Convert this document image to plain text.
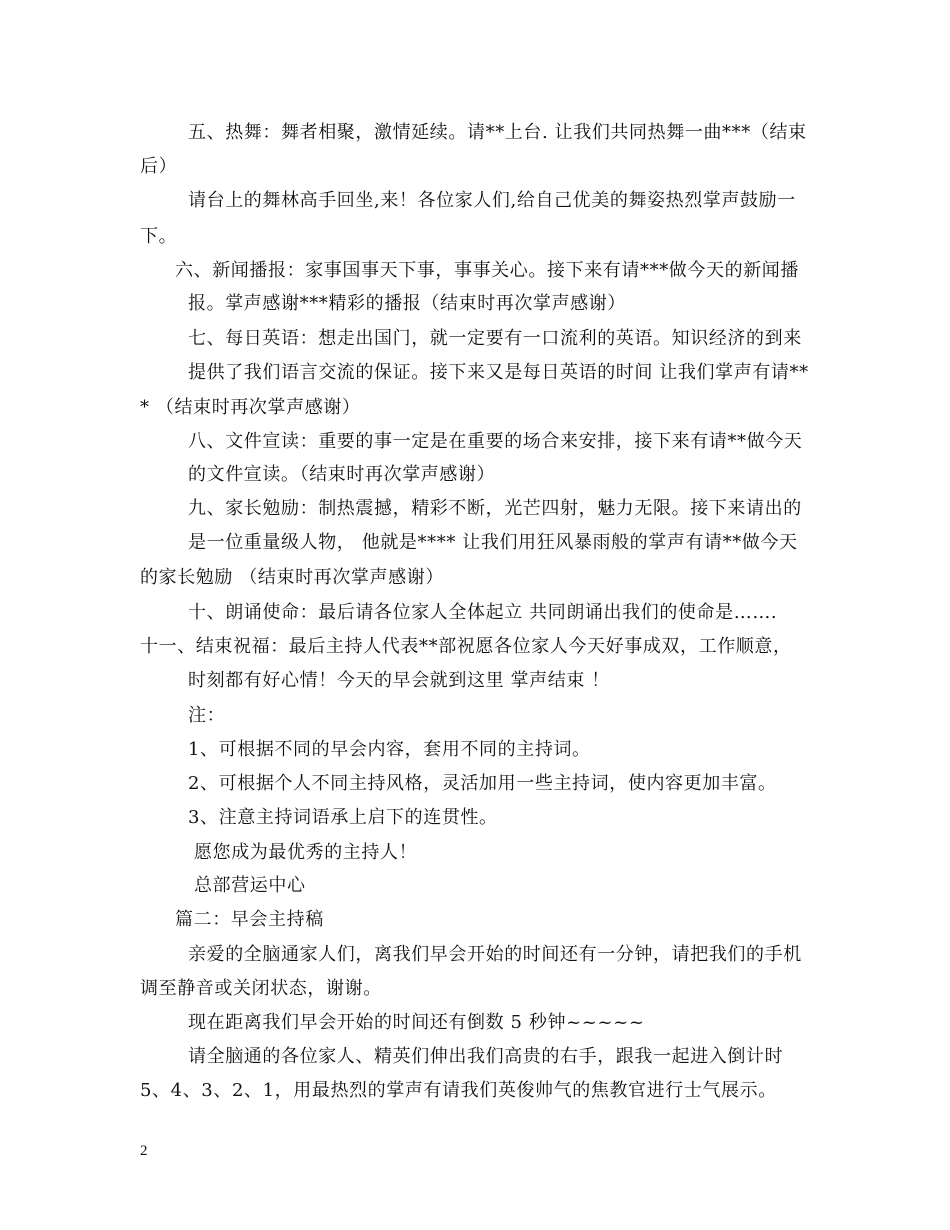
五、热舞：舞者相聚，激情延续。请**上台. 让我们共同热舞一曲***（结束
后）
请台上的舞林高手回坐,来！各位家人们,给自己优美的舞姿热烈掌声鼓励一
下。
六、新闻播报：家事国事天下事，事事关心。接下来有请***做今天的新闻播
报。掌声感谢***精彩的播报（结束时再次掌声感谢）
七、每日英语：想走出国门，就一定要有一口流利的英语。知识经济的到来
提供了我们语言交流的保证。接下来又是每日英语的时间 让我们掌声有请**
* （结束时再次掌声感谢）
八、文件宣读：重要的事一定是在重要的场合来安排，接下来有请**做今天
的文件宣读。（结束时再次掌声感谢）
九、家长勉励：制热震撼，精彩不断，光芒四射，魅力无限。接下来请出的
是一位重量级人物， 他就是**** 让我们用狂风暴雨般的掌声有请**做今天
的家长勉励 （结束时再次掌声感谢）
十、朗诵使命：最后请各位家人全体起立 共同朗诵出我们的使命是…….
十一、结束祝福：最后主持人代表**部祝愿各位家人今天好事成双，工作顺意，
时刻都有好心情！今天的早会就到这里 掌声结束 ！
注：
1、可根据不同的早会内容，套用不同的主持词。
2、可根据个人不同主持风格，灵活加用一些主持词，使内容更加丰富。
3、注意主持词语承上启下的连贯性。
愿您成为最优秀的主持人！
总部营运中心
篇二：早会主持稿
亲爱的全脑通家人们，离我们早会开始的时间还有一分钟，请把我们的手机
调至静音或关闭状态，谢谢。
现在距离我们早会开始的时间还有倒数 5 秒钟~~~~~
请全脑通的各位家人、精英们伸出我们高贵的右手，跟我一起进入倒计时
5、4、3、2、1，用最热烈的掌声有请我们英俊帅气的焦教官进行士气展示。
2
